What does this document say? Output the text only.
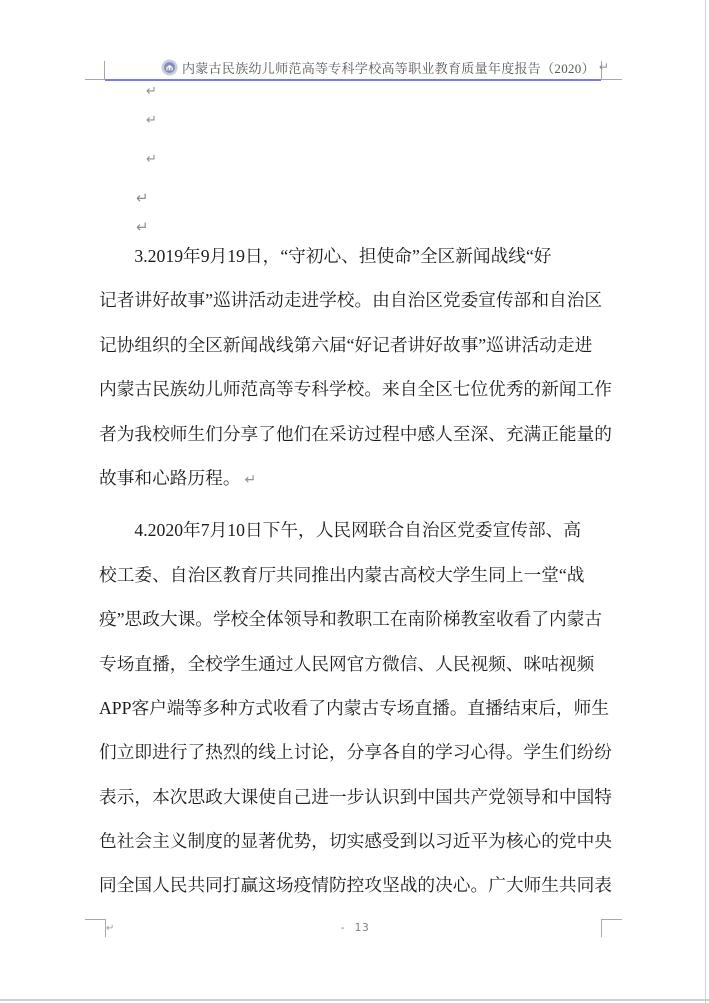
内蒙古民族幼儿师范高等专科学校高等职业教育质量年度报告（2020） ↵
↵
↵
↵
↵
↵
3.2019年9月19日，“守初心、担使命”全区新闻战线“好
记者讲好故事”巡讲活动走进学校。由自治区党委宣传部和自治区
记协组织的全区新闻战线第六届“好记者讲好故事”巡讲活动走进
内蒙古民族幼儿师范高等专科学校。来自全区七位优秀的新闻工作
者为我校师生们分享了他们在采访过程中感人至深、充满正能量的
故事和心路历程。 ↵
4.2020年7月10日下午，人民网联合自治区党委宣传部、高
校工委、自治区教育厅共同推出内蒙古高校大学生同上一堂“战
疫”思政大课。学校全体领导和教职工在南阶梯教室收看了内蒙古
专场直播，全校学生通过人民网官方微信、人民视频、咪咕视频
APP客户端等多种方式收看了内蒙古专场直播。直播结束后，师生
们立即进行了热烈的线上讨论，分享各自的学习心得。学生们纷纷
表示，本次思政大课使自己进一步认识到中国共产党领导和中国特
色社会主义制度的显著优势，切实感受到以习近平为核心的党中央
同全国人民共同打赢这场疫情防控攻坚战的决心。广大师生共同表
↵	- 13
